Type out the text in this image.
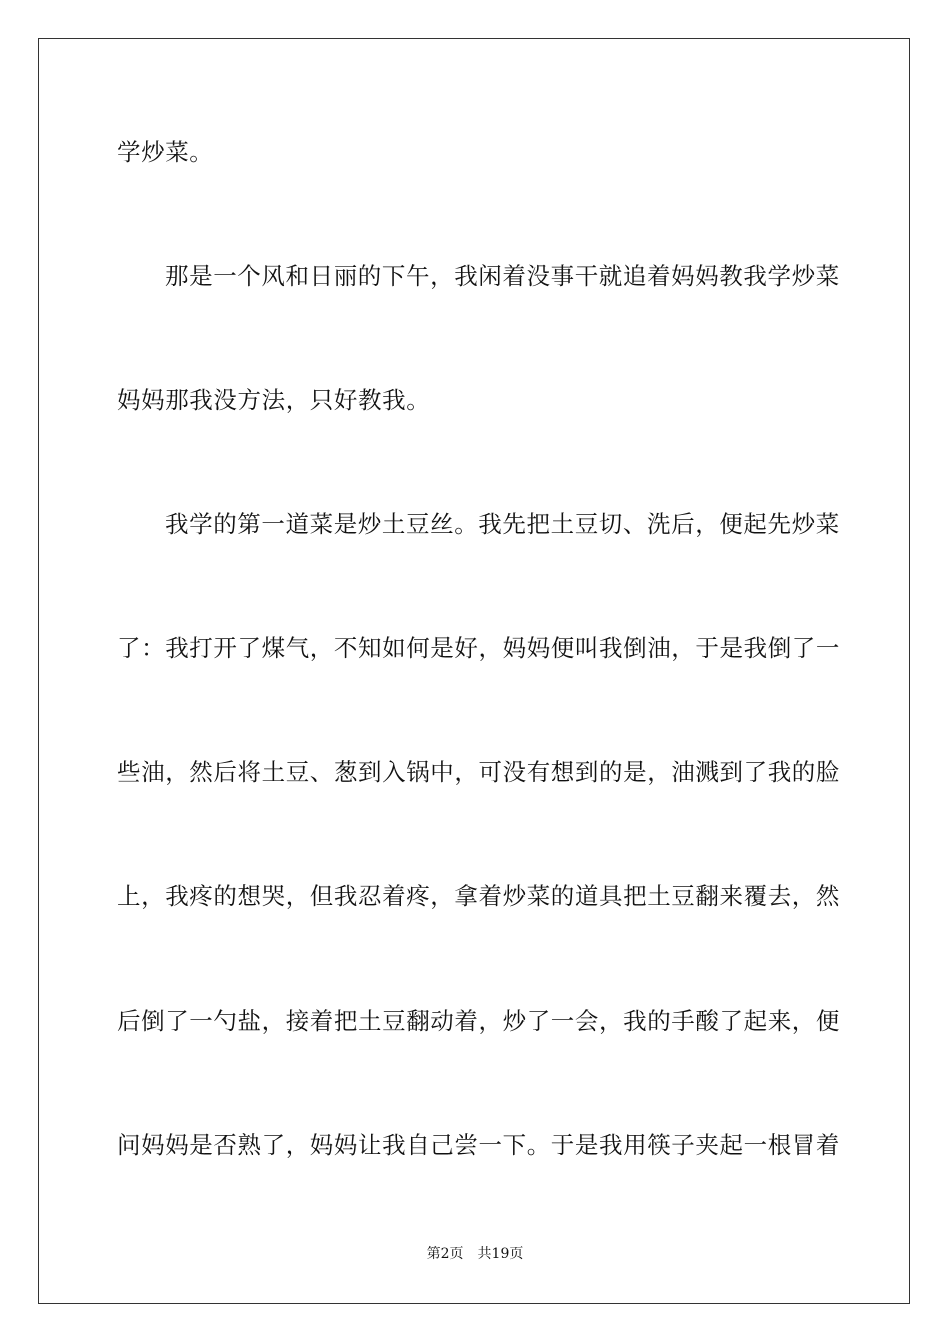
学炒菜。
那是一个风和日丽的下午，我闲着没事干就追着妈妈教我学炒菜
妈妈那我没方法，只好教我。
我学的第一道菜是炒土豆丝。我先把土豆切、洗后，便起先炒菜
了：我打开了煤气，不知如何是好，妈妈便叫我倒油，于是我倒了一
些油，然后将土豆、葱到入锅中，可没有想到的是，油溅到了我的脸
上，我疼的想哭，但我忍着疼，拿着炒菜的道具把土豆翻来覆去，然
后倒了一勺盐，接着把土豆翻动着，炒了一会，我的手酸了起来，便
问妈妈是否熟了，妈妈让我自己尝一下。于是我用筷子夹起一根冒着
第2页 共19页
